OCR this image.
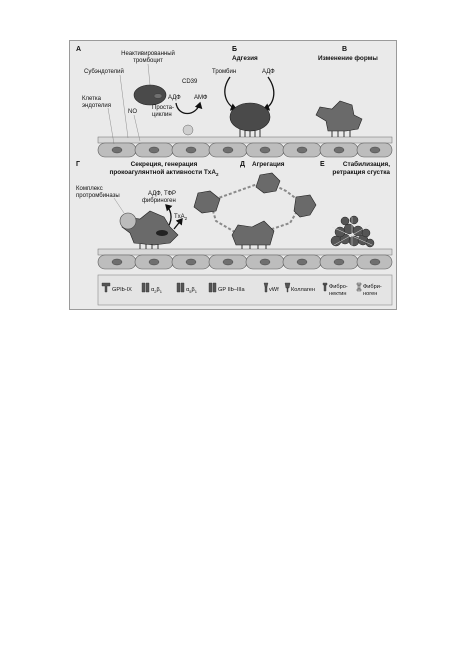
А
Неактивированный
тромбоцит
Субэндотелий
Клетка
эндотелия
CD39
АДФ АМФ
NO
Проста-
циклин
Б
Адгезия
Тромбин	АДФ
В
Изменение формы
Г	Секреция, генерация
прокоагулянтной активности TxA$_2$
Комплекс
протромбиназы	АДФ, ТФР
фибриноген
TxA$_2$
Д Агрегация	Е	Стабилизация,
ретракция сгустка
GPIb-IX	$\alpha_2\beta_1$	$\alpha_5\beta_1$	GP IIb–IIIa	vWf Коллаген Фибро-
нектин
Фибри-
ноген
